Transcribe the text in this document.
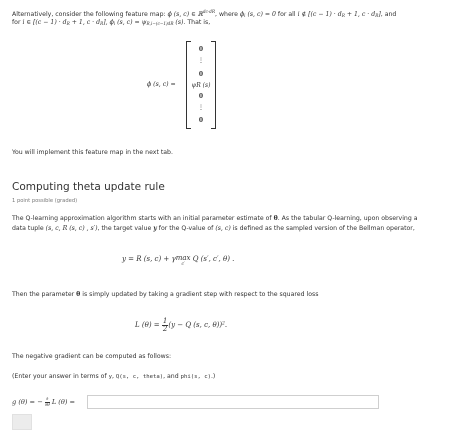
Alternatively, consider the following feature map: ϕ (s, c) ∈ ℝ$^{dc\cdot dR}$, where $\phi_i$ (s, c) = 0 for all i ∉ [$(c - 1) \cdot d_R + 1$, $c \cdot d_R$], and
for i ∈ [$(c - 1) \cdot d_R + 1$, $c \cdot d_R$], $\phi_i$ (s, $c) = \psi_{R,i-(c-1)dR}$ (s). That is,
ϕ (s, c) =
0
⋮
0
ψR (s)
0
⋮
0
You will implement this feature map in the next tab.
Computing theta update rule
1 point possible (graded)
The Q-learning approximation algorithm starts with an initial parameter estimate of θ. As the tabular Q-learning, upon observing a
data tuple (s, c, R (s, c) , s′), the target value y for the Q-value of (s, c) is defined as the sampled version of the Bellman operator,
y = R (s, c) + γmax
c′
Q (s′, c′, θ) .
Then the parameter θ is simply updated by taking a gradient step with respect to the squared loss
L $(\theta) = \frac{1}{2} (y - Q$ (s, c, θ))$^2$.
The negative gradient can be computed as follows:
(Enter your answer in terms of y, Q(s, c, theta), and phi(s, c).)
g (θ) = − $\frac{\partial}{\partial\theta}$ L (θ) =
